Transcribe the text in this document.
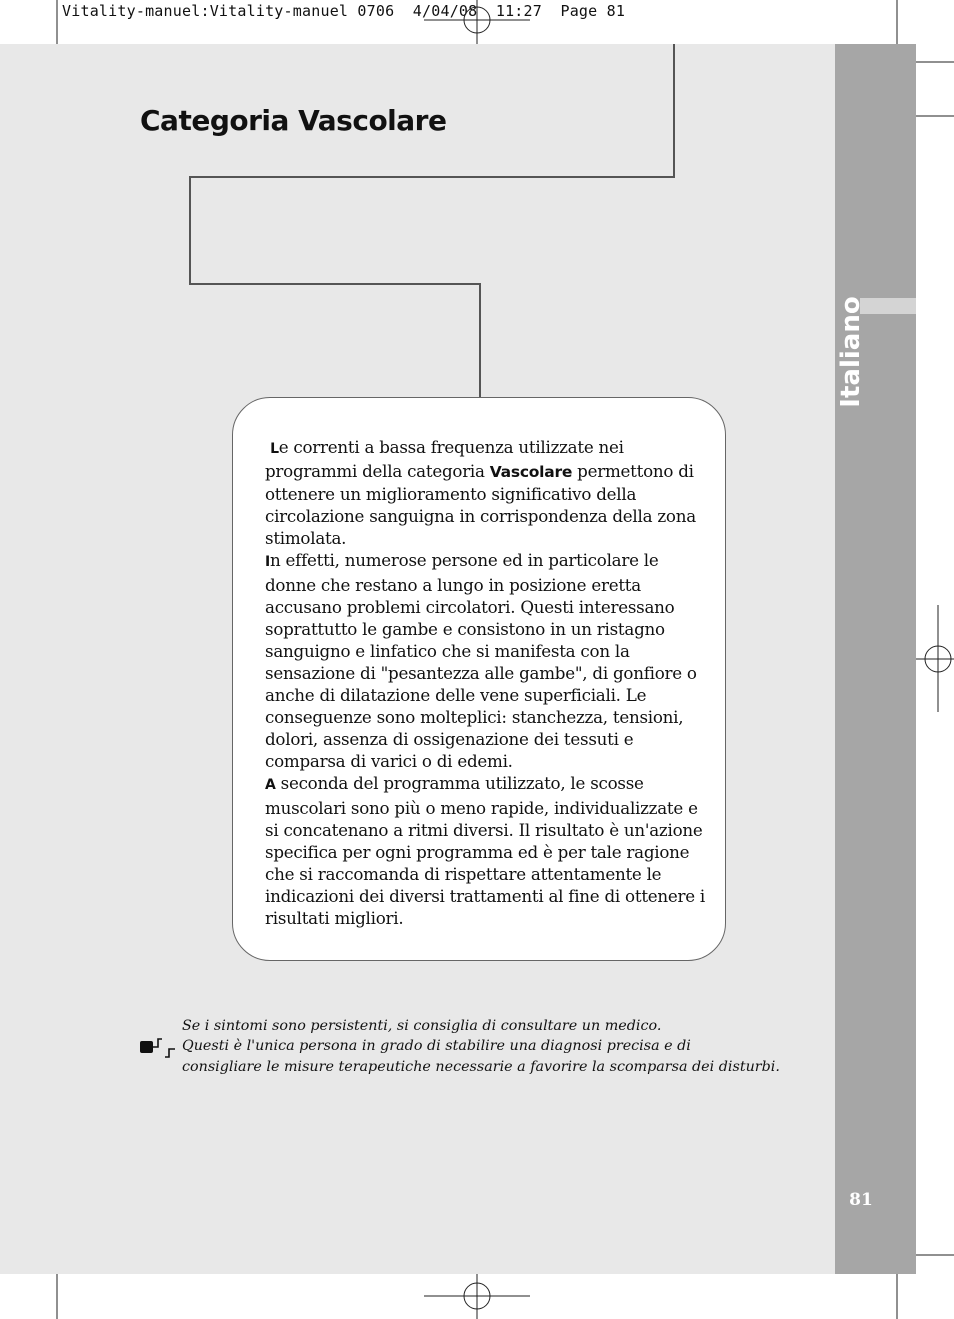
Vitality-manuel:Vitality-manuel 0706  4/04/08  11:27  Page 81
Italiano
81
Categoria Vascolare

Le correnti a bassa frequenza utilizzate nei programmi della categoria Vascolare permettono di ottenere un miglioramento significativo della circolazione sanguigna in corrispondenza della zona stimolata.

In effetti, numerose persone ed in particolare le donne che restano a lungo in posizione eretta accusano problemi circolatori. Questi interessano soprattutto le gambe e consistono in un ristagno sanguigno e linfatico che si manifesta con la sensazione di "pesantezza alle gambe", di gonfiore o anche di dilatazione delle vene superficiali. Le conseguenze sono molteplici: stanchezza, tensioni, dolori, assenza di ossigenazione dei tessuti e comparsa di varici o di edemi.

A seconda del programma utilizzato, le scosse muscolari sono più o meno rapide, individualizzate e si concatenano a ritmi diversi. Il risultato è un'azione specifica per ogni programma ed è per tale ragione che si raccomanda di rispettare attentamente le indicazioni dei diversi trattamenti al fine di ottenere i risultati migliori.

Se i sintomi sono persistenti, si consiglia di consultare un medico.
Questi è l'unica persona in grado di stabilire una diagnosi precisa e di
consigliare le misure terapeutiche necessarie a favorire la scomparsa dei disturbi.
